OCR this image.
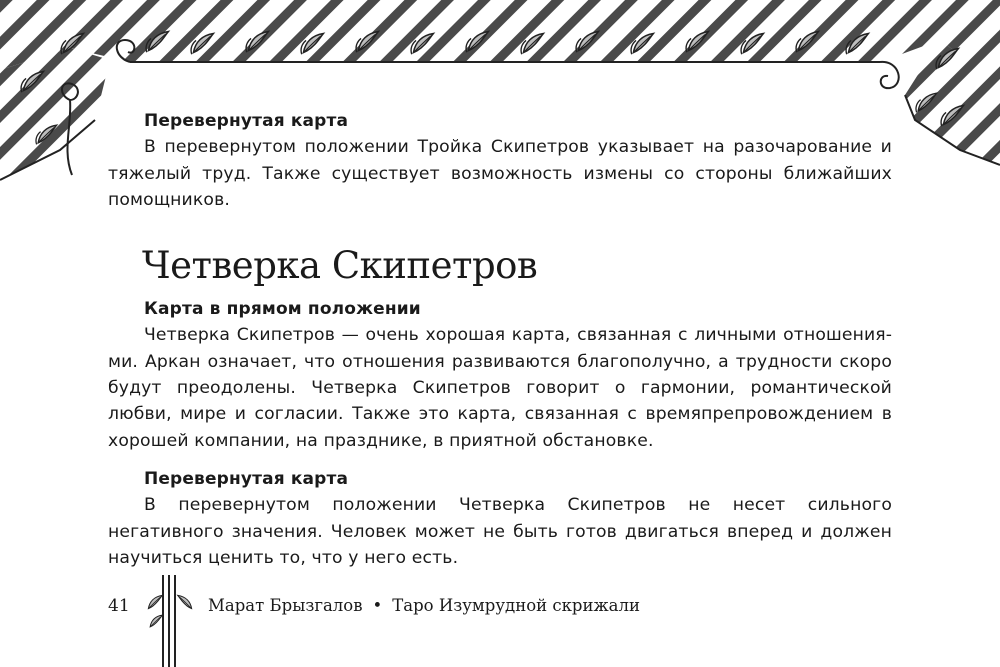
Перевернутая карта

В перевернутом положении Тройка Скипетров указывает на разочарование и тяжелый труд. Также существует возможность измены со стороны ближайших помощников.

Четверка Скипетров

Карта в прямом положении

Четверка Скипетров — очень хорошая карта, связанная с личными отношениями. Аркан означает, что отношения развиваются благополучно, а трудности скоро будут преодолены. Четверка Скипетров говорит о гармонии, романтической любви, мире и согласии. Также это карта, связанная с времяпрепровождением в хорошей компании, на празднике, в приятной обстановке.

Перевернутая карта

В перевернутом положении Четверка Скипетров не несет сильного негативного значения. Человек может не быть готов двигаться вперед и должен научиться ценить то, что у него есть.

41	Марат Брызгалов • Таро Изумрудной скрижали
